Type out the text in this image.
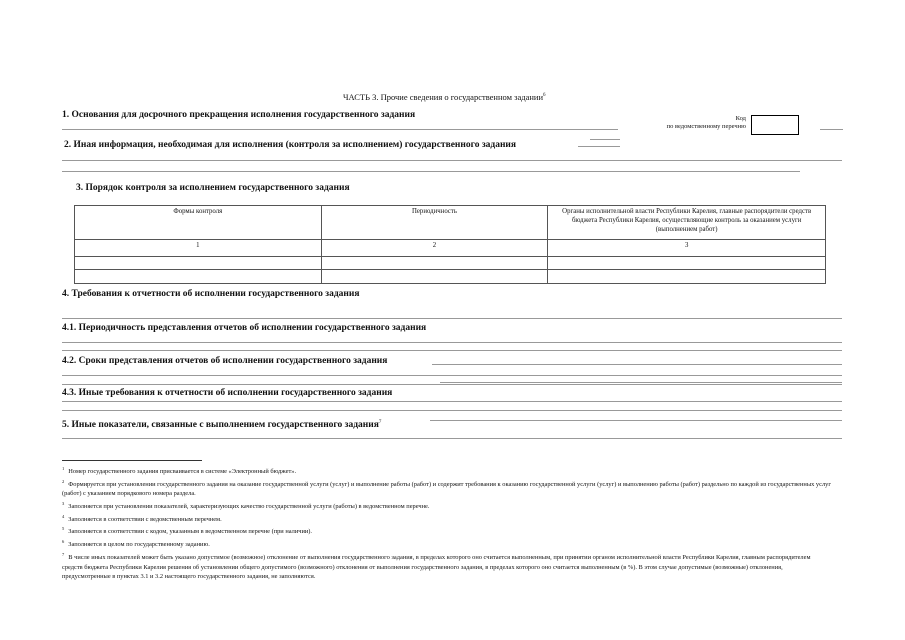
ЧАСТЬ 3. Прочие сведения о государственном задании$^6$
1. Основания для досрочного прекращения исполнения государственного задания	Код
по ведомственному перечню
2. Иная информация, необходимая для исполнения (контроля за исполнением) государственного задания
3. Порядок контроля за исполнением государственного задания
Формы контроля	Периодичность	Органы исполнительной власти Республики Карелия, главные распорядители средств бюджета Республики Карелия, осуществляющие контроль за оказанием услуги (выполнением работ)
1	2	3

4. Требования к отчетности об исполнении государственного задания
4.1. Периодичность представления отчетов об исполнении государственного задания
4.2. Сроки представления отчетов об исполнении государственного задания
4.3. Иные требования к отчетности об исполнении государственного задания
5. Иные показатели, связанные с выполнением государственного задания$^7$

$^1$ Номер государственного задания присваивается в системе «Электронный бюджет».

$^2$ Формируется при установлении государственного задания на оказание государственной услуги (услуг) и выполнение работы (работ) и содержит требования к оказанию государственной услуги (услуг) и выполнению работы (работ) раздельно по каждой из государственных услуг (работ) с указанием порядкового номера раздела.

$^3$ Заполняется при установлении показателей, характеризующих качество государственной услуги (работы) в ведомственном перечне.

$^4$ Заполняется в соответствии с ведомственным перечнем.

$^5$ Заполняется в соответствии с кодом, указанным в ведомственном перечне (при наличии).

$^6$ Заполняется в целом по государственному заданию.

$^7$ В числе иных показателей может быть указано допустимое (возможное) отклонение от выполнения государственного задания, в пределах которого оно считается выполненным, при принятии органом исполнительной власти Республики Карелия, главным распорядителем средств бюджета Республики Карелия решения об установлении общего допустимого (возможного) отклонения от выполнения государственного задания, в пределах которого оно считается выполненным (в %). В этом случае допустимые (возможные) отклонения, предусмотренные в пунктах 3.1 и 3.2 настоящего государственного задания, не заполняются.
